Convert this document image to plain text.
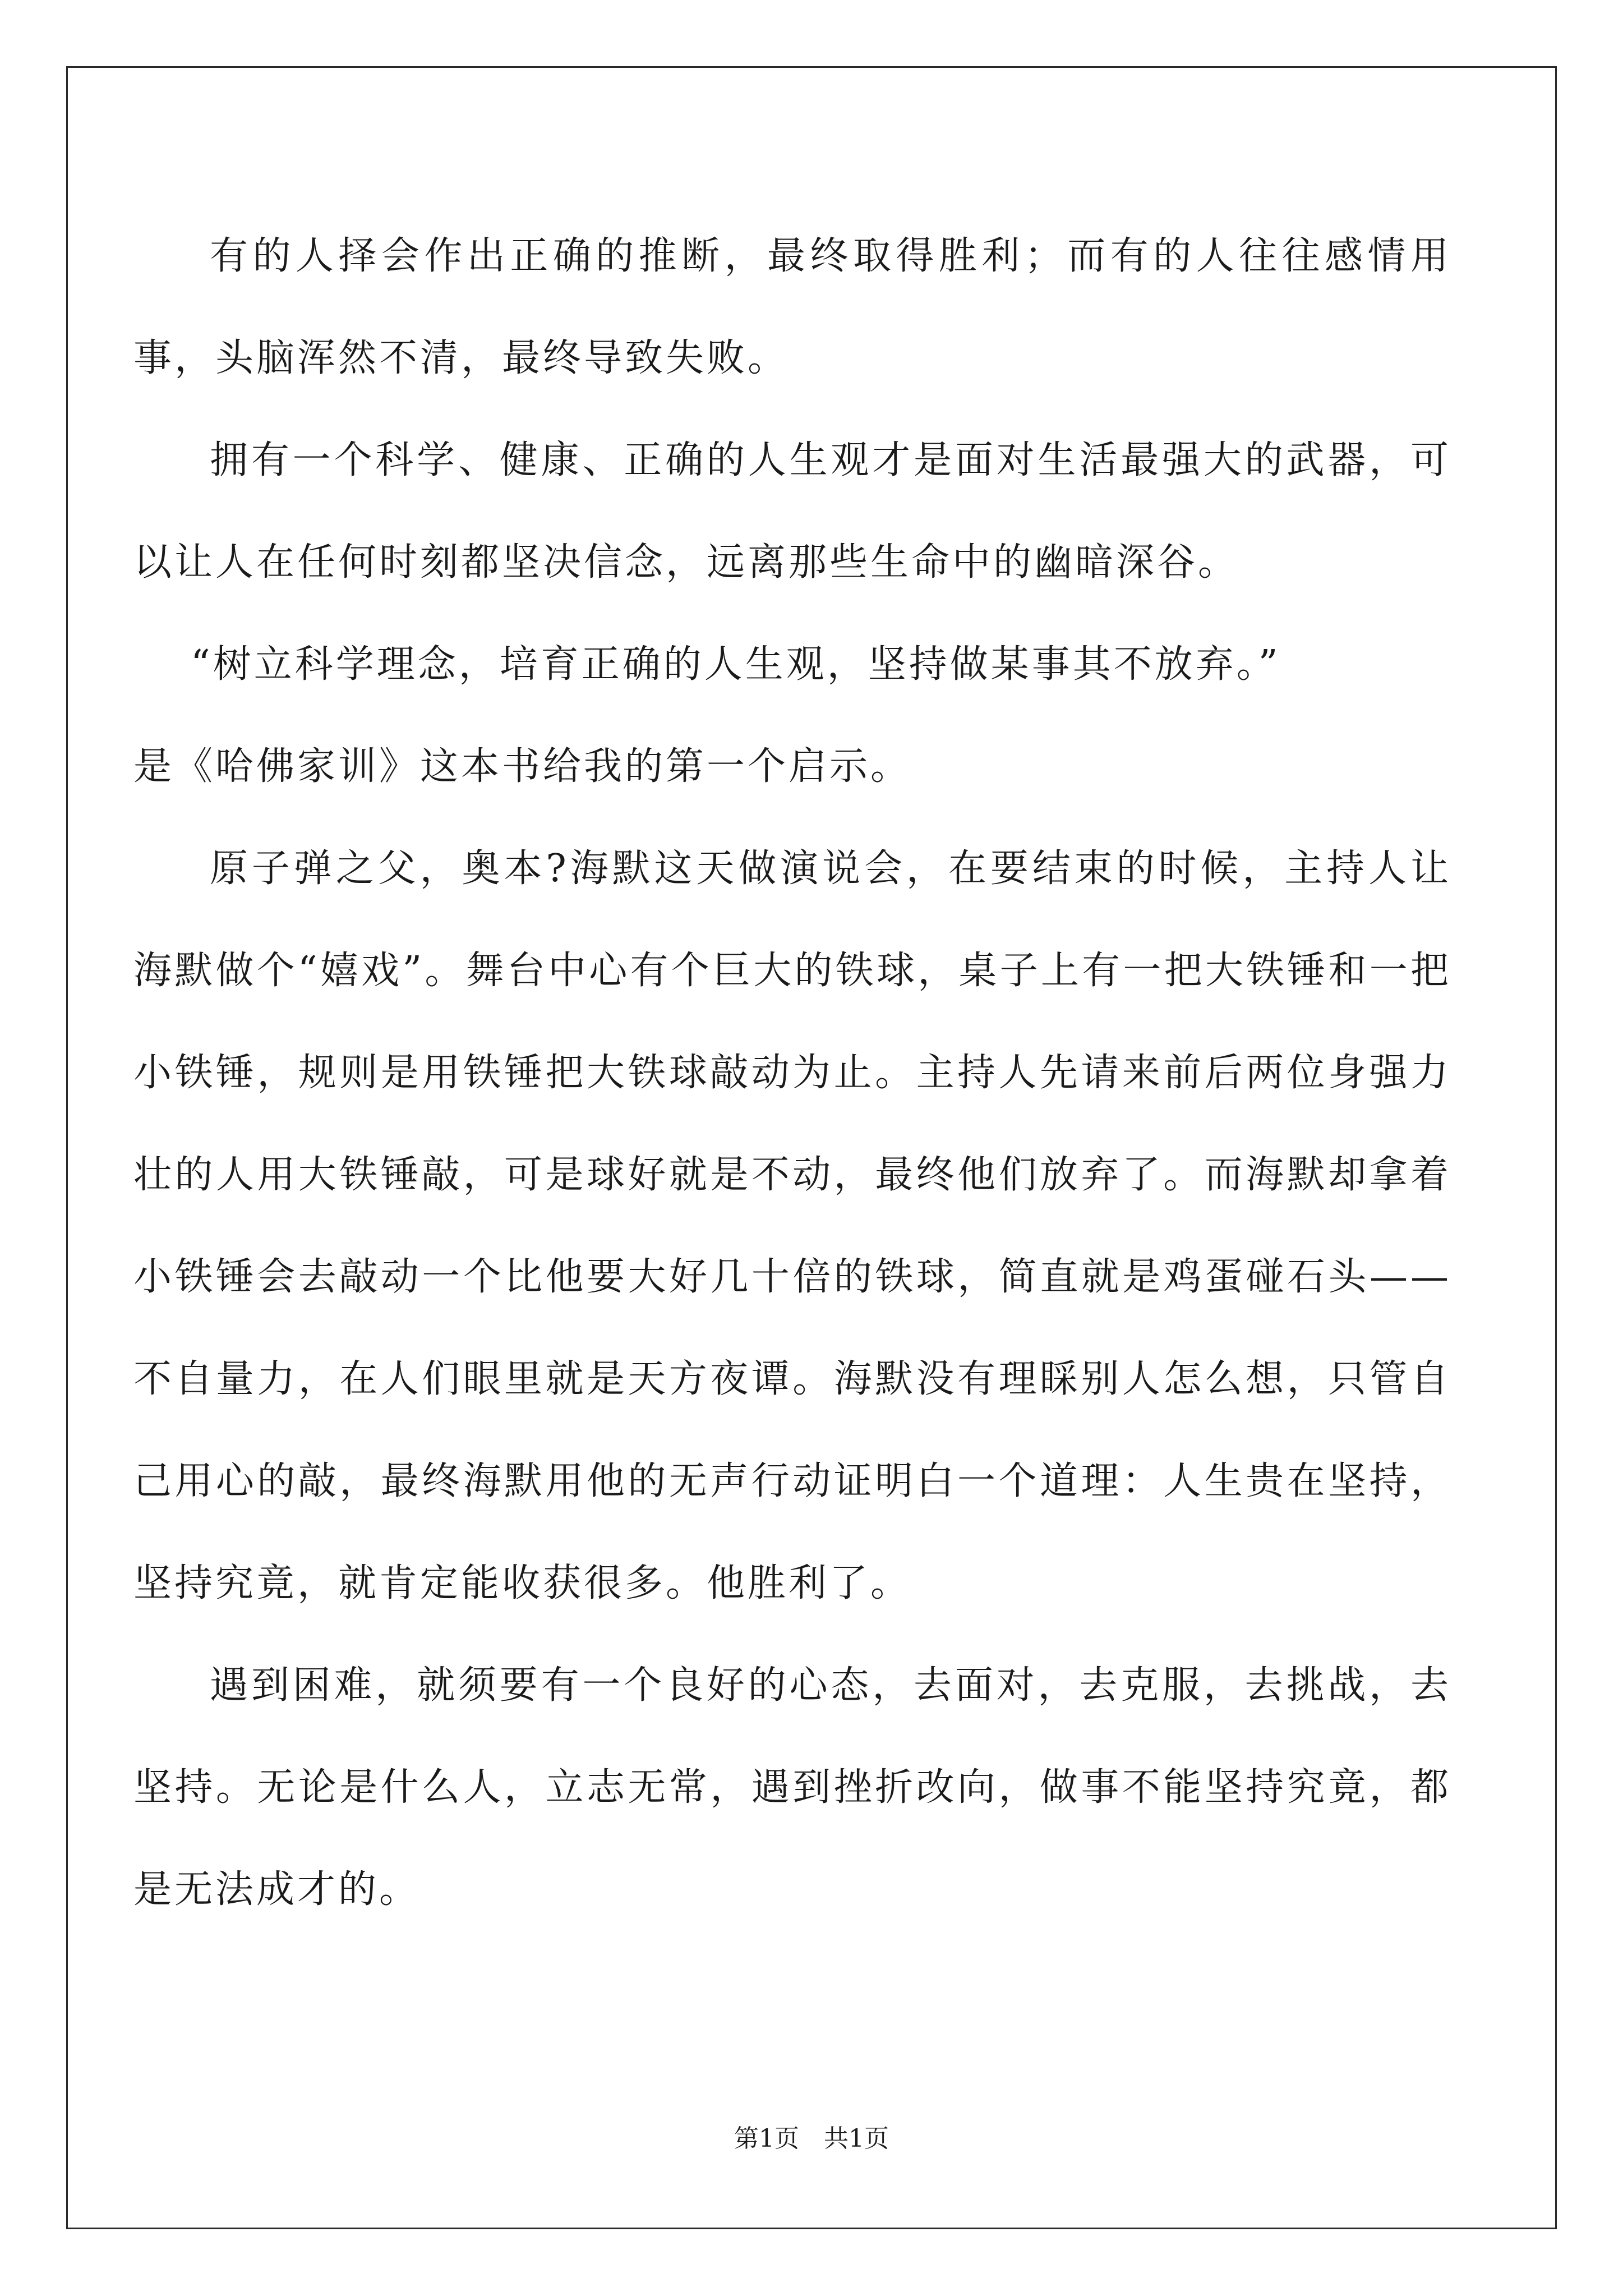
有的人择会作出正确的推断，最终取得胜利；而有的人往往感情用事，头脑浑然不清，最终导致失败。

拥有一个科学、健康、正确的人生观才是面对生活最强大的武器，可以让人在任何时刻都坚决信念，远离那些生命中的幽暗深谷。

“树立科学理念，培育正确的人生观，坚持做某事其不放弃。”
是《哈佛家训》这本书给我的第一个启示。

原子弹之父，奥本?海默这天做演说会，在要结束的时候，主持人让海默做个“嬉戏”。舞台中心有个巨大的铁球，桌子上有一把大铁锤和一把小铁锤，规则是用铁锤把大铁球敲动为止。主持人先请来前后两位身强力壮的人用大铁锤敲，可是球好就是不动，最终他们放弃了。而海默却拿着小铁锤会去敲动一个比他要大好几十倍的铁球，简直就是鸡蛋碰石头——不自量力，在人们眼里就是天方夜谭。海默没有理睬别人怎么想，只管自己用心的敲，最终海默用他的无声行动证明白一个道理：人生贵在坚持，坚持究竟，就肯定能收获很多。他胜利了。

遇到困难，就须要有一个良好的心态，去面对，去克服，去挑战，去坚持。无论是什么人，立志无常，遇到挫折改向，做事不能坚持究竟，都是无法成才的。

第1页　共1页
